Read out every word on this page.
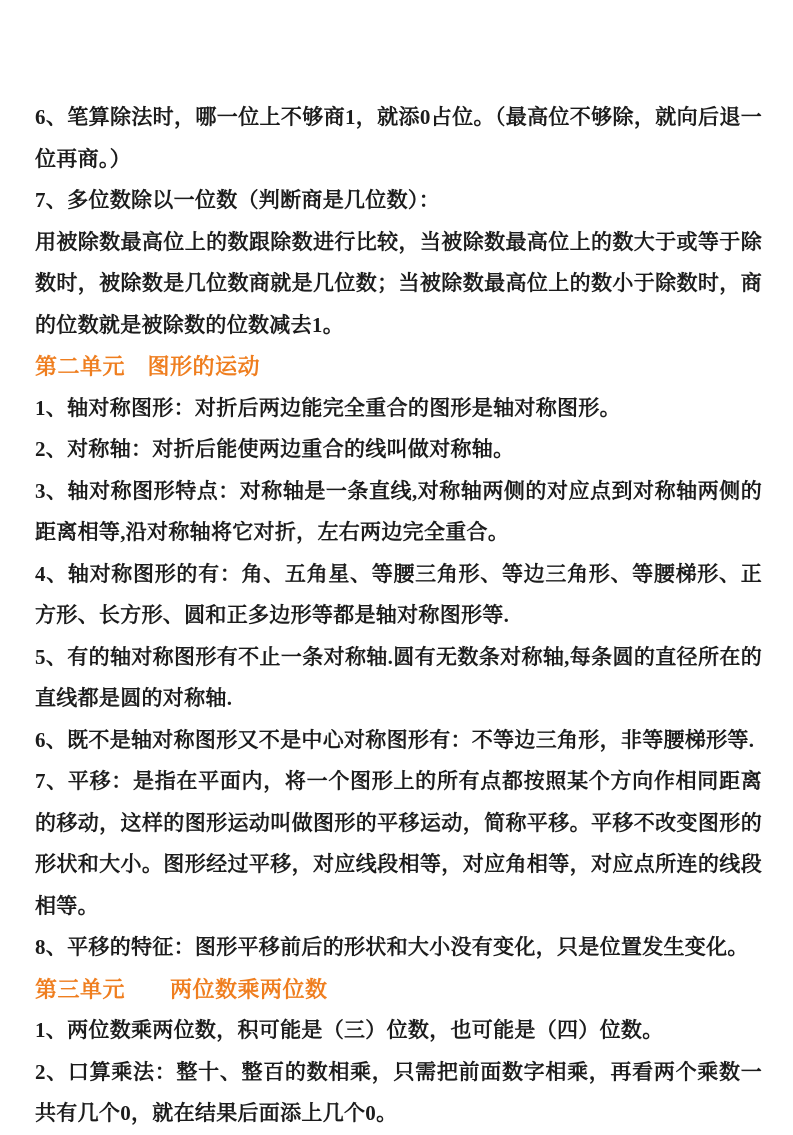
6、笔算除法时，哪一位上不够商1，就添0占位。（最高位不够除，就向后退一位再商。）

7、多位数除以一位数（判断商是几位数）：

用被除数最高位上的数跟除数进行比较，当被除数最高位上的数大于或等于除数时，被除数是几位数商就是几位数；当被除数最高位上的数小于除数时，商的位数就是被除数的位数减去1。

第二单元　图形的运动

1、轴对称图形：对折后两边能完全重合的图形是轴对称图形。

2、对称轴：对折后能使两边重合的线叫做对称轴。

3、轴对称图形特点：对称轴是一条直线,对称轴两侧的对应点到对称轴两侧的距离相等,沿对称轴将它对折，左右两边完全重合。

4、轴对称图形的有：角、五角星、等腰三角形、等边三角形、等腰梯形、正方形、长方形、圆和正多边形等都是轴对称图形等.

5、有的轴对称图形有不止一条对称轴.圆有无数条对称轴,每条圆的直径所在的直线都是圆的对称轴.

6、既不是轴对称图形又不是中心对称图形有：不等边三角形，非等腰梯形等.

7、平移：是指在平面内，将一个图形上的所有点都按照某个方向作相同距离的移动，这样的图形运动叫做图形的平移运动，简称平移。平移不改变图形的形状和大小。图形经过平移，对应线段相等，对应角相等，对应点所连的线段相等。

8、平移的特征：图形平移前后的形状和大小没有变化，只是位置发生变化。

第三单元　　两位数乘两位数

1、两位数乘两位数，积可能是（三）位数，也可能是（四）位数。

2、口算乘法：整十、整百的数相乘，只需把前面数字相乘，再看两个乘数一共有几个0，就在结果后面添上几个0。
